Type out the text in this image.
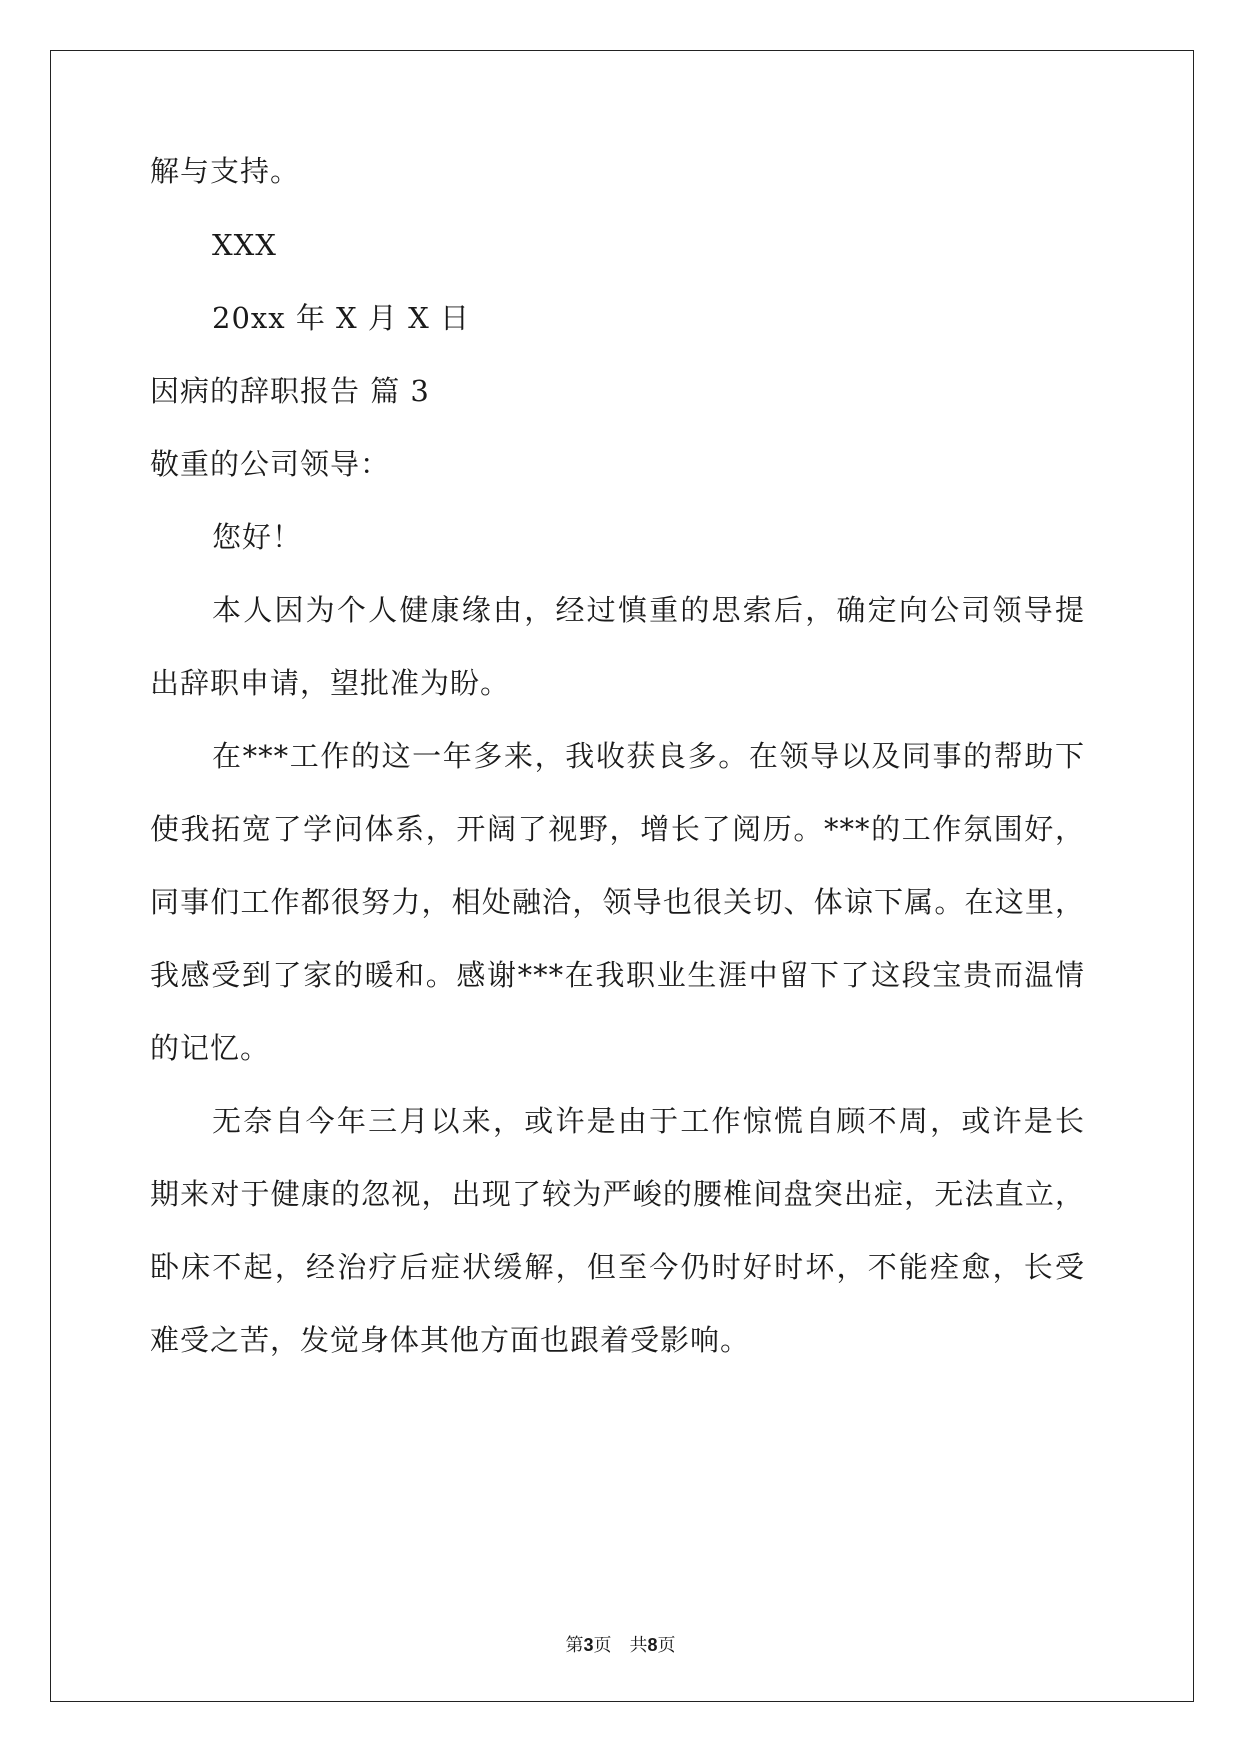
解与支持。
XXX
20xx 年 X 月 X 日
因病的辞职报告 篇 3
敬重的公司领导：
您好！
本人因为个人健康缘由，经过慎重的思索后，确定向公司领导提
出辞职申请，望批准为盼。
在***工作的这一年多来，我收获良多。在领导以及同事的帮助下
使我拓宽了学问体系，开阔了视野，增长了阅历。***的工作氛围好，
同事们工作都很努力，相处融洽，领导也很关切、体谅下属。在这里，
我感受到了家的暖和。感谢***在我职业生涯中留下了这段宝贵而温情
的记忆。
无奈自今年三月以来，或许是由于工作惊慌自顾不周，或许是长
期来对于健康的忽视，出现了较为严峻的腰椎间盘突出症，无法直立，
卧床不起，经治疗后症状缓解，但至今仍时好时坏，不能痊愈，长受
难受之苦，发觉身体其他方面也跟着受影响。
第3页　共8页
